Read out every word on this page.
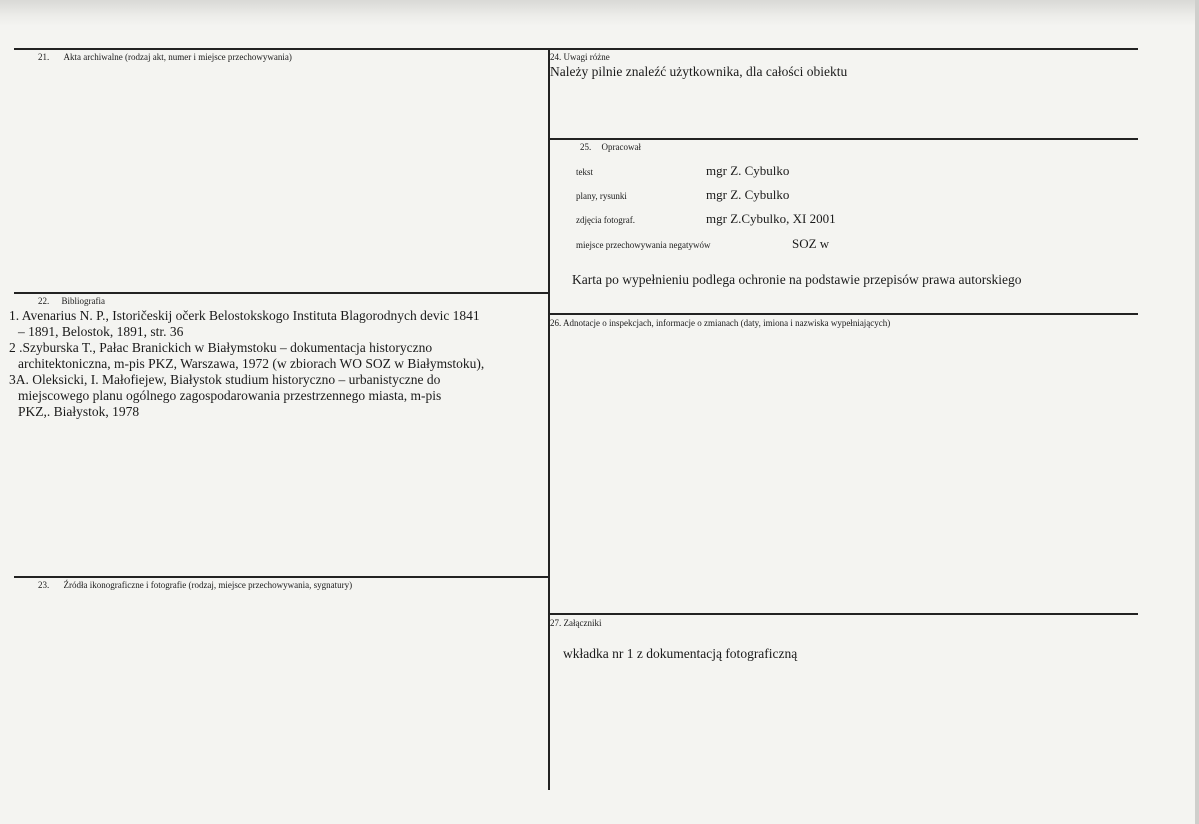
21. Akta archiwalne (rodzaj akt, numer i miejsce przechowywania)
22. Bibliografia
1. Avenarius N. P., Istoričeskij očerk Belostokskogo Instituta Blagorodnych devic 1841
– 1891, Belostok, 1891, str. 36
2 .Szyburska T., Pałac Branickich w Białymstoku – dokumentacja historyczno
architektoniczna, m-pis PKZ, Warszawa, 1972 (w zbiorach WO SOZ w Białymstoku),
3A. Oleksicki, I. Małofiejew, Białystok studium historyczno – urbanistyczne do
miejscowego planu ogólnego zagospodarowania przestrzennego miasta, m-pis
PKZ,. Białystok, 1978
23. Źródła ikonograficzne i fotografie (rodzaj, miejsce przechowywania, sygnatury)
24. Uwagi różne
Należy pilnie znaleźć użytkownika, dla całości obiektu
25. Opracował
tekst	mgr Z. Cybulko
plany, rysunki	mgr Z. Cybulko
zdjęcia fotograf.	mgr Z.Cybulko, XI 2001
miejsce przechowywania negatywów	SOZ w
Karta po wypełnieniu podlega ochronie na podstawie przepisów prawa autorskiego
26. Adnotacje o inspekcjach, informacje o zmianach (daty, imiona i nazwiska wypełniających)
27. Załączniki
wkładka nr 1 z dokumentacją fotograficzną
